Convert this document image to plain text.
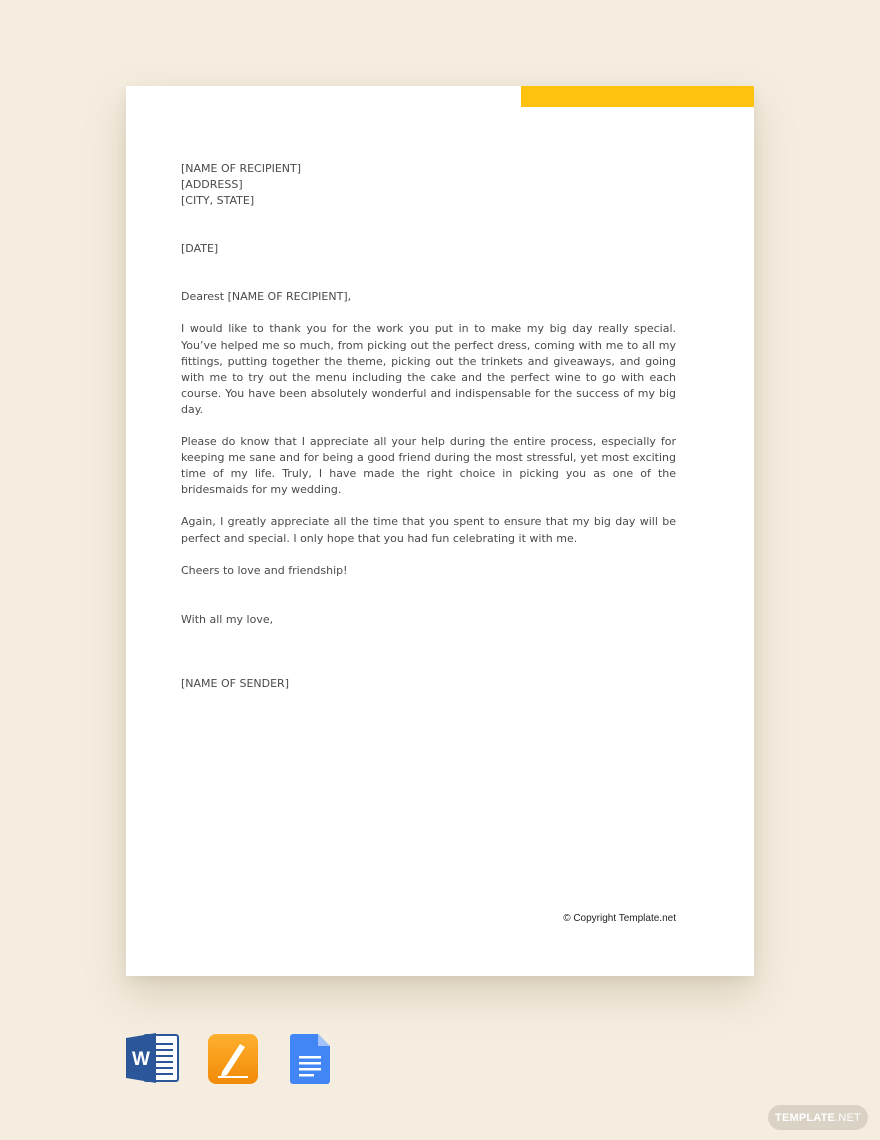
[NAME OF RECIPIENT]

[ADDRESS]

[CITY, STATE]

[DATE]

Dearest [NAME OF RECIPIENT],

I would like to thank you for the work you put in to make my big day really special. You’ve helped me so much, from picking out the perfect dress, coming with me to all my fittings, putting together the theme, picking out the trinkets and giveaways, and going with me to try out the menu including the cake and the perfect wine to go with each course. You have been absolutely wonderful and indispensable for the success of my big day.

Please do know that I appreciate all your help during the entire process, especially for keeping me sane and for being a good friend during the most stressful, yet most exciting time of my life. Truly, I have made the right choice in picking you as one of the bridesmaids for my wedding.

Again, I greatly appreciate all the time that you spent to ensure that my big day will be perfect and special. I only hope that you had fun celebrating it with me.

Cheers to love and friendship!

With all my love,

[NAME OF SENDER]

© Copyright Template.net
W
TEMPLATE .NET
